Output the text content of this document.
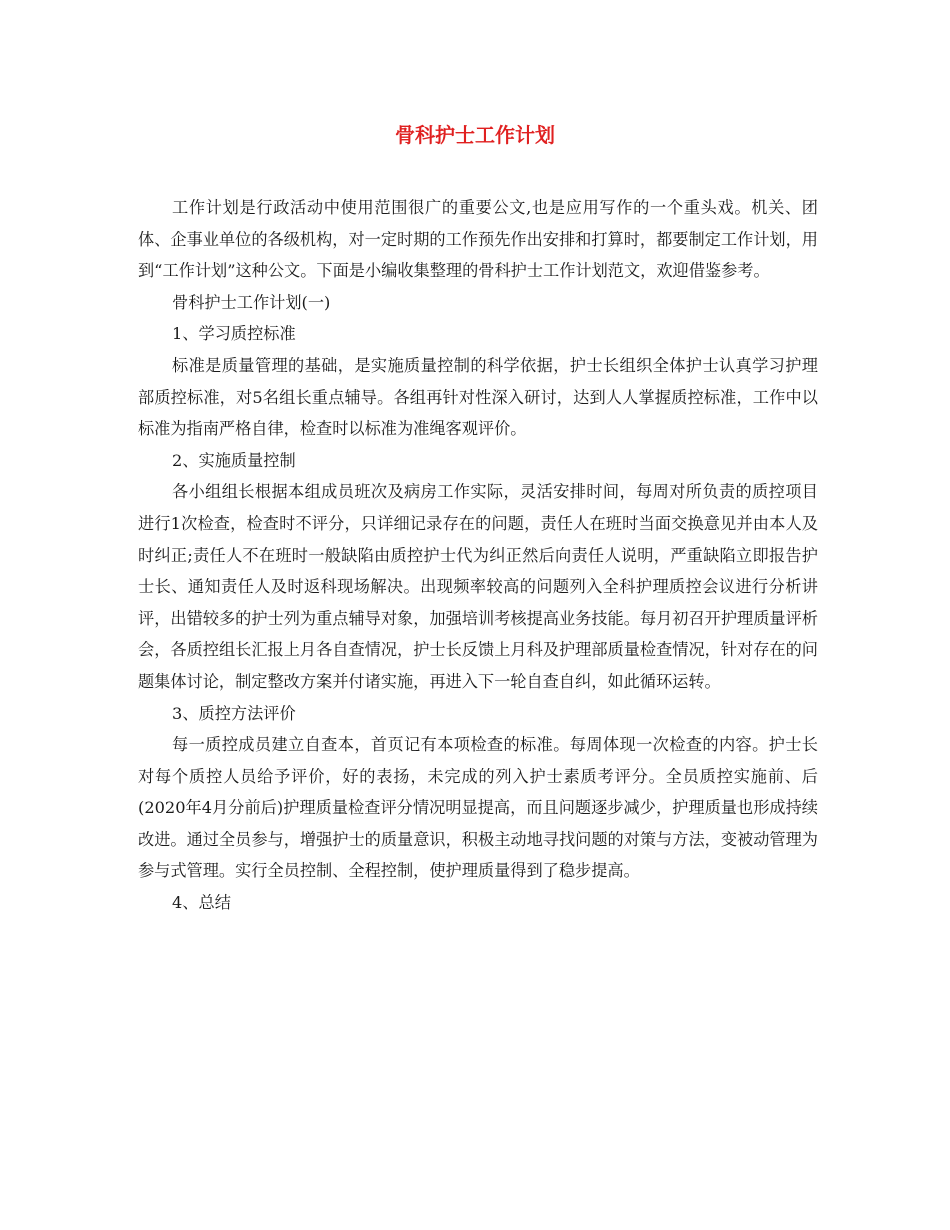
骨科护士工作计划

工作计划是行政活动中使用范围很广的重要公文,也是应用写作的一个重头戏。机关、团体、企事业单位的各级机构，对一定时期的工作预先作出安排和打算时，都要制定工作计划，用到“工作计划”这种公文。下面是小编收集整理的骨科护士工作计划范文，欢迎借鉴参考。

骨科护士工作计划(一)

1、学习质控标准

标准是质量管理的基础，是实施质量控制的科学依据，护士长组织全体护士认真学习护理部质控标准，对5名组长重点辅导。各组再针对性深入研讨，达到人人掌握质控标准，工作中以标准为指南严格自律，检查时以标准为准绳客观评价。

2、实施质量控制

各小组组长根据本组成员班次及病房工作实际，灵活安排时间，每周对所负责的质控项目进行1次检查，检查时不评分，只详细记录存在的问题，责任人在班时当面交换意见并由本人及时纠正;责任人不在班时一般缺陷由质控护士代为纠正然后向责任人说明，严重缺陷立即报告护士长、通知责任人及时返科现场解决。出现频率较高的问题列入全科护理质控会议进行分析讲评，出错较多的护士列为重点辅导对象，加强培训考核提高业务技能。每月初召开护理质量评析会，各质控组长汇报上月各自查情况，护士长反馈上月科及护理部质量检查情况，针对存在的问题集体讨论，制定整改方案并付诸实施，再进入下一轮自查自纠，如此循环运转。

3、质控方法评价

每一质控成员建立自查本，首页记有本项检查的标准。每周体现一次检查的内容。护士长对每个质控人员给予评价，好的表扬，未完成的列入护士素质考评分。全员质控实施前、后(2020年4月分前后)护理质量检查评分情况明显提高，而且问题逐步减少，护理质量也形成持续改进。通过全员参与，增强护士的质量意识，积极主动地寻找问题的对策与方法，变被动管理为参与式管理。实行全员控制、全程控制，使护理质量得到了稳步提高。

4、总结
